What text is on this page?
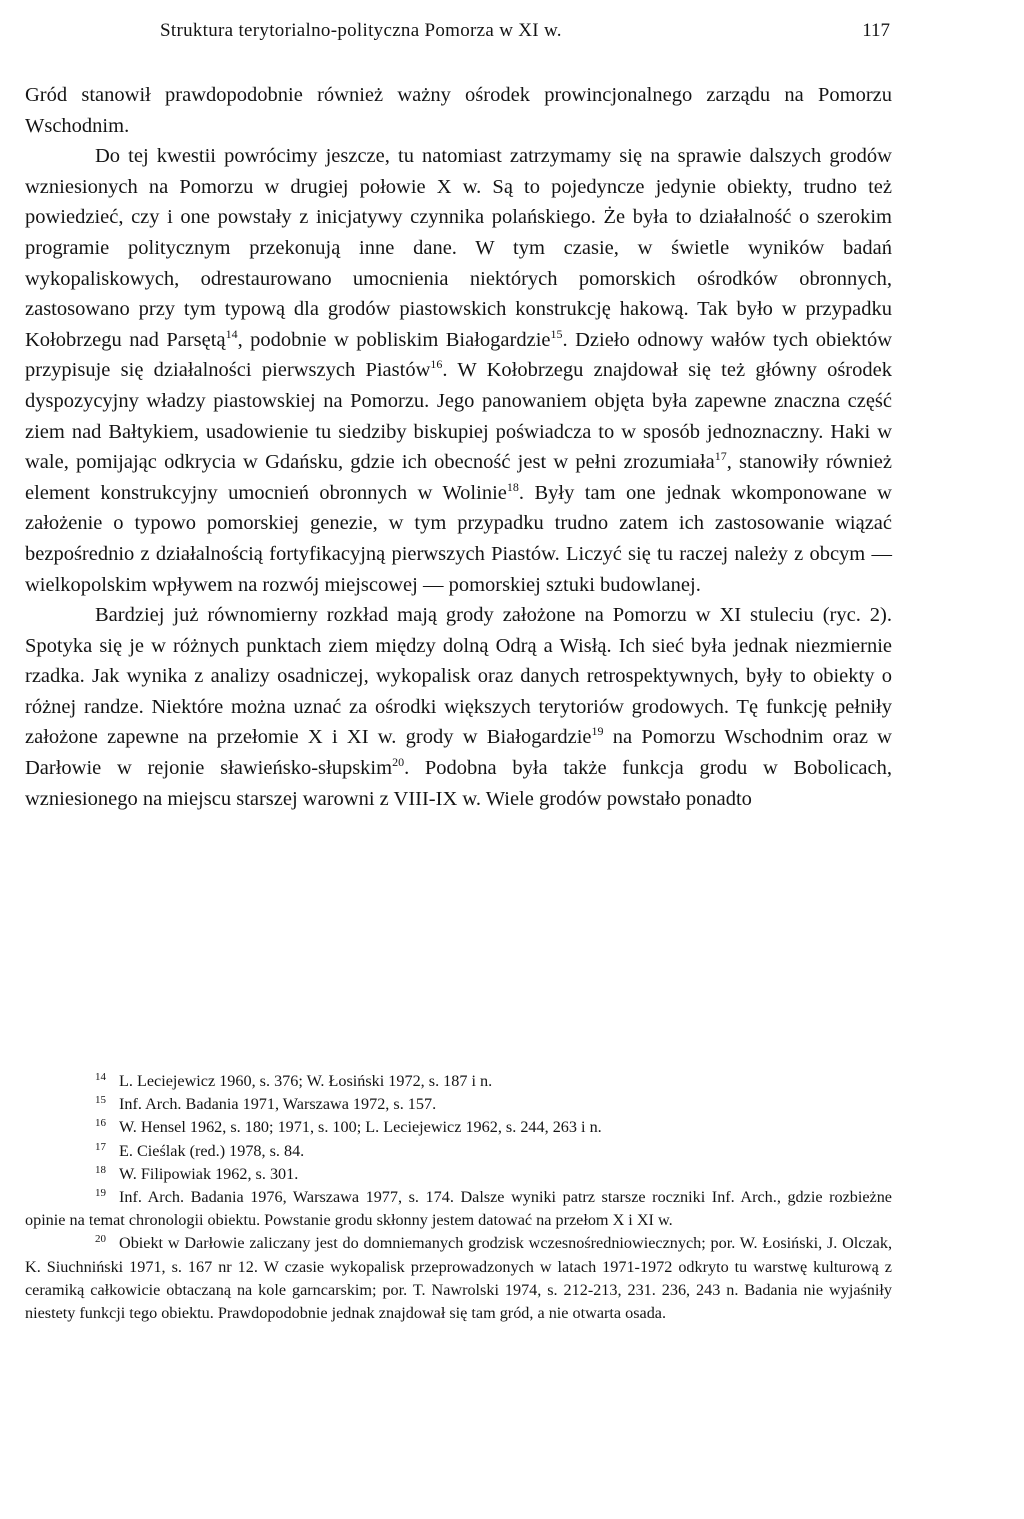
Struktura terytorialno-polityczna Pomorza w XI w.	117

Gród stanowił prawdopodobnie również ważny ośrodek prowincjonalnego zarządu na Pomorzu Wschodnim.

Do tej kwestii powrócimy jeszcze, tu natomiast zatrzymamy się na sprawie dalszych grodów wzniesionych na Pomorzu w drugiej połowie X w. Są to pojedyncze jedynie obiekty, trudno też powiedzieć, czy i one powstały z inicjatywy czynnika polańskiego. Że była to działalność o szerokim programie politycznym przekonują inne dane. W tym czasie, w świetle wyników badań wykopaliskowych, odrestaurowano umocnienia niektórych pomorskich ośrodków obronnych, zastosowano przy tym typową dla grodów piastowskich konstrukcję hakową. Tak było w przypadku Kołobrzegu nad Parsętą$^{14}$, podobnie w pobliskim Białogardzie$^{15}$. Dzieło odnowy wałów tych obiektów przypisuje się działalności pierwszych Piastów$^{16}$. W Kołobrzegu znajdował się też główny ośrodek dyspozycyjny władzy piastowskiej na Pomorzu. Jego panowaniem objęta była zapewne znaczna część ziem nad Bałtykiem, usadowienie tu siedziby biskupiej poświadcza to w sposób jednoznaczny. Haki w wale, pomijając odkrycia w Gdańsku, gdzie ich obecność jest w pełni zrozumiała$^{17}$, stanowiły również element konstrukcyjny umocnień obronnych w Wolinie$^{18}$. Były tam one jednak wkomponowane w założenie o typowo pomorskiej genezie, w tym przypadku trudno zatem ich zastosowanie wiązać bezpośrednio z działalnością fortyfikacyjną pierwszych Piastów. Liczyć się tu raczej należy z obcym — wielkopolskim wpływem na rozwój miejscowej — pomorskiej sztuki budowlanej.

Bardziej już równomierny rozkład mają grody założone na Pomorzu w XI stuleciu (ryc. 2). Spotyka się je w różnych punktach ziem między dolną Odrą a Wisłą. Ich sieć była jednak niezmiernie rzadka. Jak wynika z analizy osadniczej, wykopalisk oraz danych retrospektywnych, były to obiekty o różnej randze. Niektóre można uznać za ośrodki większych terytoriów grodowych. Tę funkcję pełniły założone zapewne na przełomie X i XI w. grody w Białogardzie$^{19}$ na Pomorzu Wschodnim oraz w Darłowie w rejonie sławieńsko-słupskim$^{20}$. Podobna była także funkcja grodu w Bobolicach, wzniesionego na miejscu starszej warowni z VIII-IX w. Wiele grodów powstało ponadto

14 L. Leciejewicz 1960, s. 376; W. Łosiński 1972, s. 187 i n.

15 Inf. Arch. Badania 1971, Warszawa 1972, s. 157.

16 W. Hensel 1962, s. 180; 1971, s. 100; L. Leciejewicz 1962, s. 244, 263 i n.

17 E. Cieślak (red.) 1978, s. 84.

18 W. Filipowiak 1962, s. 301.

19 Inf. Arch. Badania 1976, Warszawa 1977, s. 174. Dalsze wyniki patrz starsze roczniki Inf. Arch., gdzie rozbieżne opinie na temat chronologii obiektu. Powstanie grodu skłonny jestem datować na przełom X i XI w.

20 Obiekt w Darłowie zaliczany jest do domniemanych grodzisk wczesnośredniowiecznych; por. W. Łosiński, J. Olczak, K. Siuchniński 1971, s. 167 nr 12. W czasie wykopalisk przeprowadzonych w latach 1971-1972 odkryto tu warstwę kulturową z ceramiką całkowicie obtaczaną na kole garncarskim; por. T. Nawrolski 1974, s. 212-213, 231. 236, 243 n. Badania nie wyjaśniły niestety funkcji tego obiektu. Prawdopodobnie jednak znajdował się tam gród, a nie otwarta osada.
